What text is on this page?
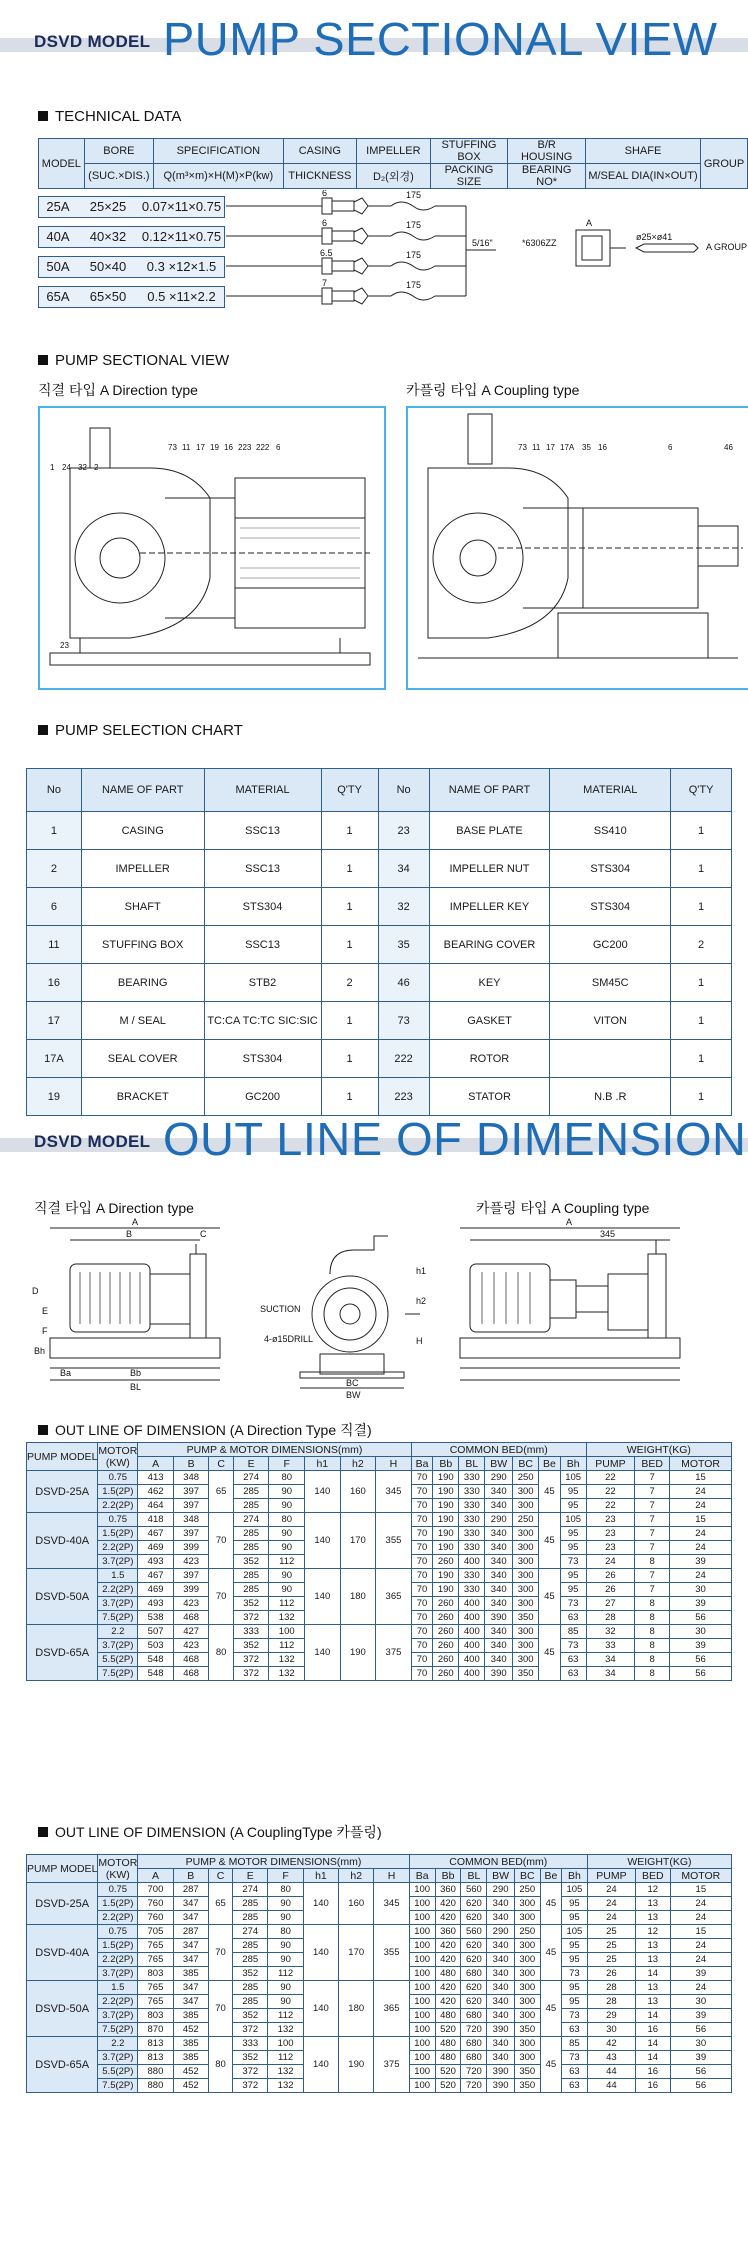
DSVD MODEL PUMP SECTIONAL VIEW
TECHNICAL DATA
MODEL	BORE	SPECIFICATION	CASING	IMPELLER	STUFFING BOX	B/R HOUSING	SHAFE	GROUP
	(SUC.×DIS.)	Q(m³×m)×H(M)×P(kw)	THICKNESS	D₂(외경)	PACKING SIZE	BEARING NO*	M/SEAL DIA(IN×OUT)	
25A	25×25	0.07×11×0.75
40A	40×32	0.12×11×0.75
50A	50×40	0.3 ×12×1.5
65A	65×50	0.5 ×11×2.2
6
6
6.5
7
175
175
175
175
5/16"	*6306ZZ
A
ø25×ø41
A GROUP
PUMP SECTIONAL VIEW
직결 타입 A Direction type	카플링 타입 A Coupling type
1 24 32 2
73 11 17 19 16 223 222 6
23
73 11 17 17A 35 16	6	46
PUMP SELECTION CHART
No	NAME OF PART	MATERIAL	Q'TY	No	NAME OF PART	MATERIAL	Q'TY
1	CASING	SSC13	1	23	BASE PLATE	SS410	1
2	IMPELLER	SSC13	1	34	IMPELLER NUT	STS304	1
6	SHAFT	STS304	1	32	IMPELLER KEY	STS304	1
11	STUFFING BOX	SSC13	1	35	BEARING COVER	GC200	2
16	BEARING	STB2	2	46	KEY	SM45C	1
17	M / SEAL	TC:CA TC:TC SIC:SIC	1	73	GASKET	VITON	1
17A	SEAL COVER	STS304	1	222	ROTOR		1
19	BRACKET	GC200	1	223	STATOR	N.B .R	1
DSVD MODEL OUT LINE OF DIMENSION
직결 타입 A Direction type	카플링 타입 A Coupling type
A
B	C
D
E
F
h1
h2
H
Bh
Ba	Bb
BL	BC
BW
345
A
SUCTION
4-ø15DRILL
OUT LINE OF DIMENSION (A Direction Type 직결)
PUMP MODEL	MOTOR (KW)	PUMP & MOTOR DIMENSIONS(mm)								COMMON BED(mm)							WEIGHT(KG)		
		A	B	C	E	F	h1	h2	H	Ba	Bb	BL	BW	BC	Be	Bh	PUMP	BED	MOTOR
DSVD-25A	0.75	413	348	65	274	80	140	160	345	70	190	330	290	250	45	105	22	7	15
	1.5(2P)	462	397		285	90				70	190	330	340	300		95	22	7	24
	2.2(2P)	464	397		285	90				70	190	330	340	300		95	22	7	24
DSVD-40A	0.75	418	348	70	274	80	140	170	355	70	190	330	290	250	45	105	23	7	15
	1.5(2P)	467	397		285	90				70	190	330	340	300		95	23	7	24
	2.2(2P)	469	399		285	90				70	190	330	340	300		95	23	7	24
	3.7(2P)	493	423		352	112				70	260	400	340	300		73	24	8	39
DSVD-50A	1.5	467	397	70	285	90	140	180	365	70	190	330	340	300	45	95	26	7	24
	2.2(2P)	469	399		285	90				70	190	330	340	300		95	26	7	30
	3.7(2P)	493	423		352	112				70	260	400	340	300		73	27	8	39
	7.5(2P)	538	468		372	132				70	260	400	390	350		63	28	8	56
DSVD-65A	2.2	507	427	80	333	100	140	190	375	70	260	400	340	300	45	85	32	8	30
	3.7(2P)	503	423		352	112				70	260	400	340	300		73	33	8	39
	5.5(2P)	548	468		372	132				70	260	400	340	300		63	34	8	56
	7.5(2P)	548	468		372	132				70	260	400	390	350		63	34	8	56
OUT LINE OF DIMENSION (A CouplingType 카플링)
PUMP MODEL	MOTOR (KW)	PUMP & MOTOR DIMENSIONS(mm)								COMMON BED(mm)							WEIGHT(KG)		
		A	B	C	E	F	h1	h2	H	Ba	Bb	BL	BW	BC	Be	Bh	PUMP	BED	MOTOR
DSVD-25A	0.75	700	287	65	274	80	140	160	345	100	360	560	290	250	45	105	24	12	15
	1.5(2P)	760	347		285	90				100	420	620	340	300		95	24	13	24
	2.2(2P)	760	347		285	90				100	420	620	340	300		95	24	13	24
DSVD-40A	0.75	705	287	70	274	80	140	170	355	100	360	560	290	250	45	105	25	12	15
	1.5(2P)	765	347		285	90				100	420	620	340	300		95	25	13	24
	2.2(2P)	765	347		285	90				100	420	620	340	300		95	25	13	24
	3.7(2P)	803	385		352	112				100	480	680	340	300		73	26	14	39
DSVD-50A	1.5	765	347	70	285	90	140	180	365	100	420	620	340	300	45	95	28	13	24
	2.2(2P)	765	347		285	90				100	420	620	340	300		95	28	13	30
	3.7(2P)	803	385		352	112				100	480	680	340	300		73	29	14	39
	7.5(2P)	870	452		372	132				100	520	720	390	350		63	30	16	56
DSVD-65A	2.2	813	385	80	333	100	140	190	375	100	480	680	340	300	45	85	42	14	30
	3.7(2P)	813	385		352	112				100	480	680	340	300		73	43	14	39
	5.5(2P)	880	452		372	132				100	520	720	390	350		63	44	16	56
	7.5(2P)	880	452		372	132				100	520	720	390	350		63	44	16	56
